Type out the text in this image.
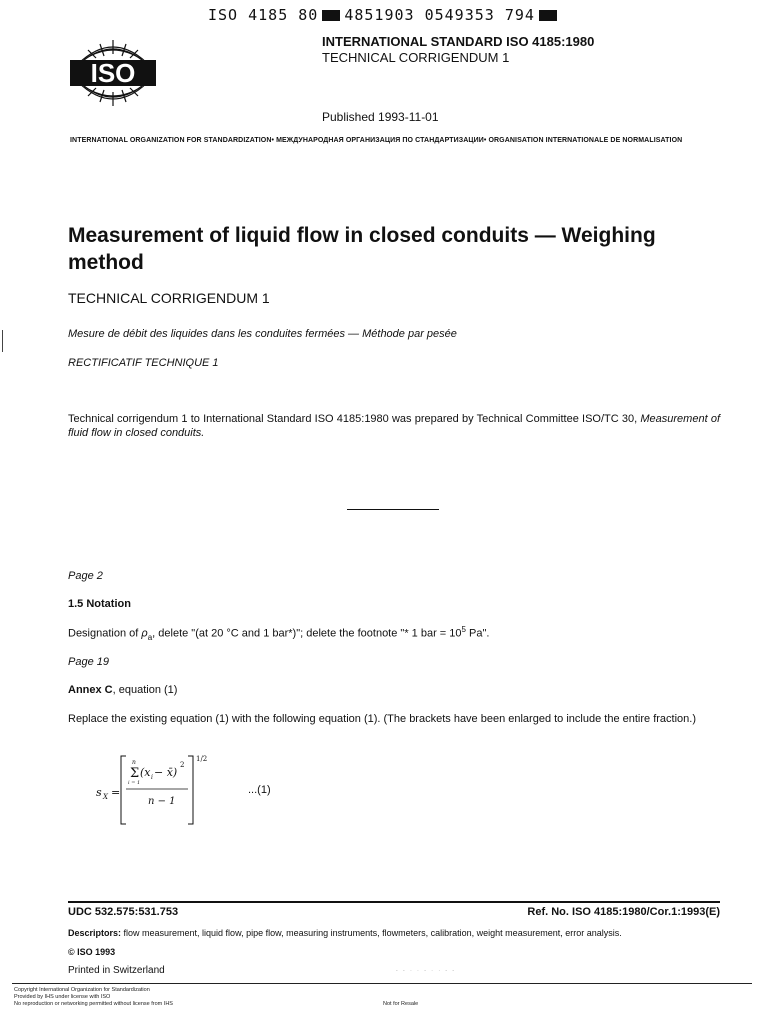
ISO 4185 80 4851903 0549353 794
ISO
INTERNATIONAL STANDARD ISO 4185:1980
TECHNICAL CORRIGENDUM 1
Published 1993-11-01
INTERNATIONAL ORGANIZATION FOR STANDARDIZATION• МЕЖДУНАРОДНАЯ ОРГАНИЗАЦИЯ ПО СТАНДАРТИЗАЦИИ• ORGANISATION INTERNATIONALE DE NORMALISATION
Measurement of liquid flow in closed conduits — Weighing method
TECHNICAL CORRIGENDUM 1
Mesure de débit des liquides dans les conduites fermées — Méthode par pesée
RECTIFICATIF TECHNIQUE 1
Technical corrigendum 1 to International Standard ISO 4185:1980 was prepared by Technical Committee ISO/TC 30, Measurement of fluid flow in closed conduits.
Page 2
1.5 Notation
Designation of $\rho_a$, delete "(at 20 °C and 1 bar*)"; delete the footnote "* 1 bar = $10^5$ Pa".
Page 19
Annex C, equation (1)
Replace the existing equation (1) with the following equation (1). (The brackets have been enlarged to include the entire fraction.)
s X =
n
Σ
i = 1
(x i − x̄)
2
n − 1
1/2
...(1)
UDC 532.575:531.753	Ref. No. ISO 4185:1980/Cor.1:1993(E)
Descriptors: flow measurement, liquid flow, pipe flow, measuring instruments, flowmeters, calibration, weight measurement, error analysis.
© ISO 1993
Printed in Switzerland	- - · · - · · - -
Copyright International Organization for Standardization
Provided by IHS under license with ISO
No reproduction or networking permitted without license from IHS	Not for Resale
